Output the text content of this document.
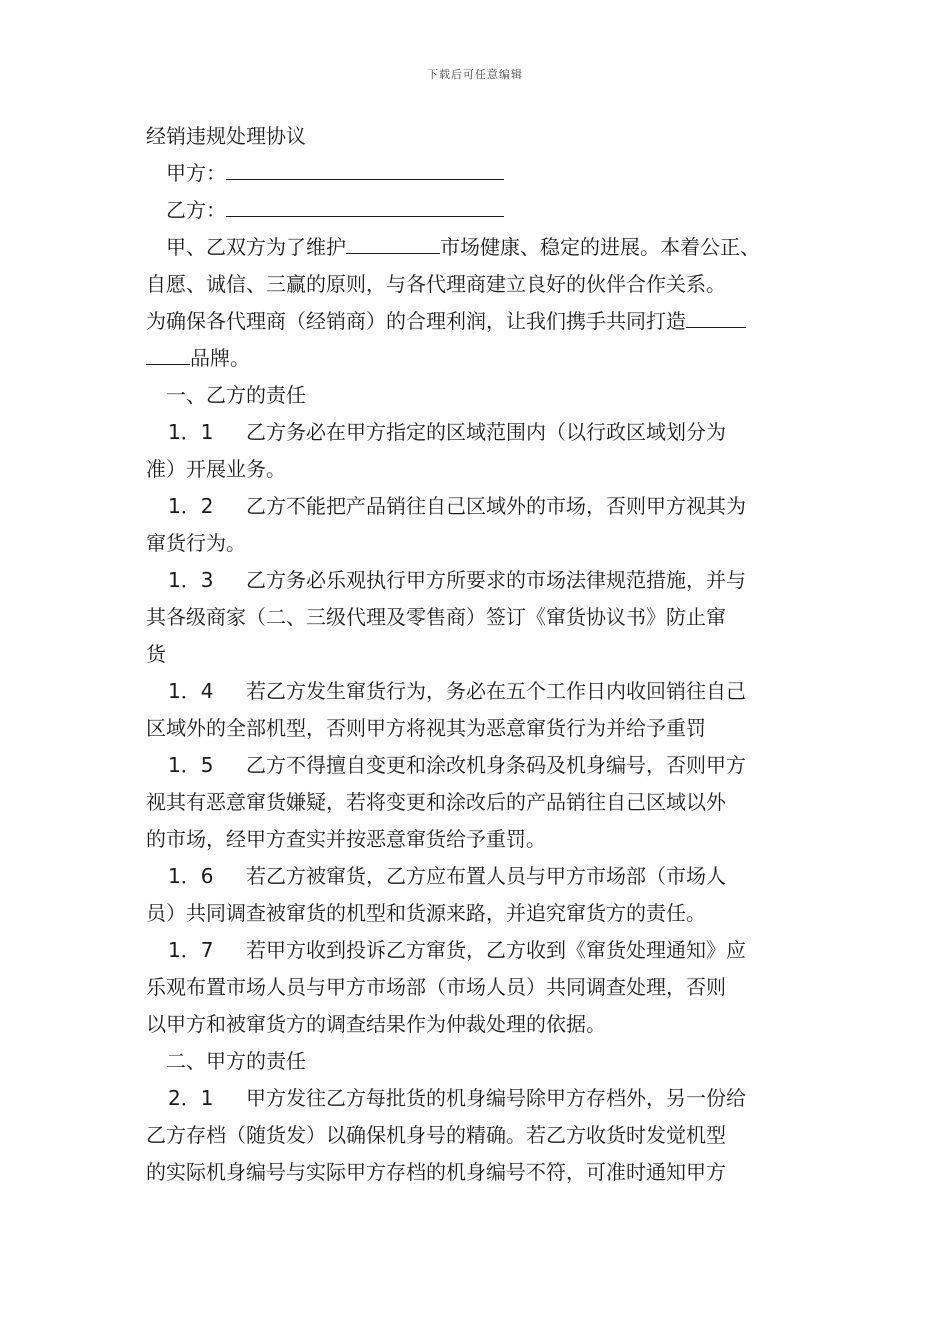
下载后可任意编辑
经销违规处理协议
甲方：
乙方：
甲、乙双方为了维护	市场健康、稳定的进展。本着公正、
自愿、诚信、三赢的原则，与各代理商建立良好的伙伴合作关系。
为确保各代理商（经销商）的合理利润，让我们携手共同打造
品牌。
一、乙方的责任
1．1 乙方务必在甲方指定的区域范围内（以行政区域划分为
准）开展业务。
1．2 乙方不能把产品销往自己区域外的市场，否则甲方视其为
窜货行为。
1．3 乙方务必乐观执行甲方所要求的市场法律规范措施，并与
其各级商家（二、三级代理及零售商）签订《窜货协议书》防止窜
货
1．4 若乙方发生窜货行为，务必在五个工作日内收回销往自己
区域外的全部机型，否则甲方将视其为恶意窜货行为并给予重罚
1．5 乙方不得擅自变更和涂改机身条码及机身编号，否则甲方
视其有恶意窜货嫌疑，若将变更和涂改后的产品销往自己区域以外
的市场，经甲方查实并按恶意窜货给予重罚。
1．6 若乙方被窜货，乙方应布置人员与甲方市场部（市场人
员）共同调查被窜货的机型和货源来路，并追究窜货方的责任。
1．7 若甲方收到投诉乙方窜货，乙方收到《窜货处理通知》应
乐观布置市场人员与甲方市场部（市场人员）共同调查处理，否则
以甲方和被窜货方的调查结果作为仲裁处理的依据。
二、甲方的责任
2．1 甲方发往乙方每批货的机身编号除甲方存档外，另一份给
乙方存档（随货发）以确保机身号的精确。若乙方收货时发觉机型
的实际机身编号与实际甲方存档的机身编号不符，可准时通知甲方
